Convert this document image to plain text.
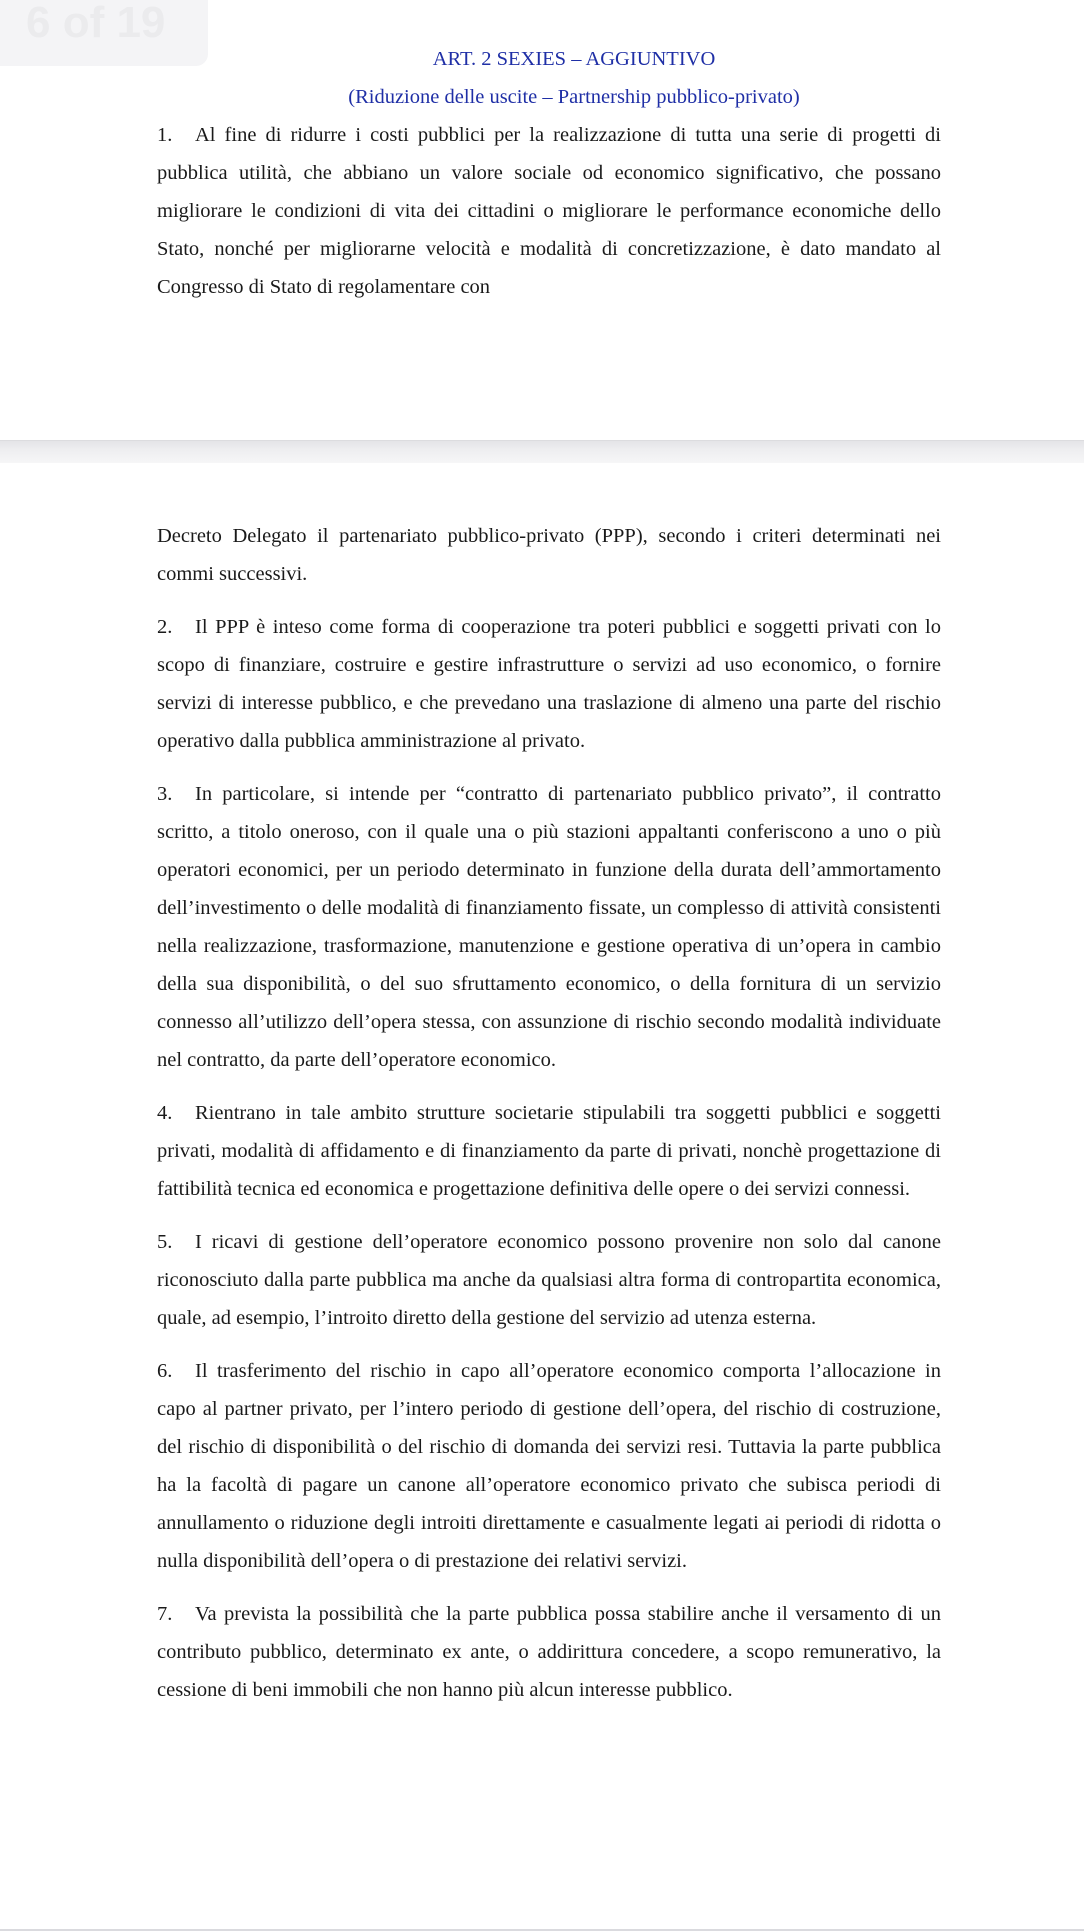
6 of 19

ART. 2 SEXIES – AGGIUNTIVO

(Riduzione delle uscite – Partnership pubblico-privato)

1. Al fine di ridurre i costi pubblici per la realizzazione di tutta una serie di progetti di pubblica utilità, che abbiano un valore sociale od economico significativo, che possano migliorare le condizioni di vita dei cittadini o migliorare le performance economiche dello Stato, nonché per migliorarne velocità e modalità di concretizzazione, è dato mandato al Congresso di Stato di regolamentare con

Decreto Delegato il partenariato pubblico-privato (PPP), secondo i criteri determinati nei commi successivi.

2. Il PPP è inteso come forma di cooperazione tra poteri pubblici e soggetti privati con lo scopo di finanziare, costruire e gestire infrastrutture o servizi ad uso economico, o fornire servizi di interesse pubblico, e che prevedano una traslazione di almeno una parte del rischio operativo dalla pubblica amministrazione al privato.

3. In particolare, si intende per “contratto di partenariato pubblico privato”, il contratto scritto, a titolo oneroso, con il quale una o più stazioni appaltanti conferiscono a uno o più operatori economici, per un periodo determinato in funzione della durata dell’ammortamento dell’investimento o delle modalità di finanziamento fissate, un complesso di attività consistenti nella realizzazione, trasformazione, manutenzione e gestione operativa di un’opera in cambio della sua disponibilità, o del suo sfruttamento economico, o della fornitura di un servizio connesso all’utilizzo dell’opera stessa, con assunzione di rischio secondo modalità individuate nel contratto, da parte dell’operatore economico.

4. Rientrano in tale ambito strutture societarie stipulabili tra soggetti pubblici e soggetti privati, modalità di affidamento e di finanziamento da parte di privati, nonchè progettazione di fattibilità tecnica ed economica e progettazione definitiva delle opere o dei servizi connessi.

5. I ricavi di gestione dell’operatore economico possono provenire non solo dal canone riconosciuto dalla parte pubblica ma anche da qualsiasi altra forma di contropartita economica, quale, ad esempio, l’introito diretto della gestione del servizio ad utenza esterna.

6. Il trasferimento del rischio in capo all’operatore economico comporta l’allocazione in capo al partner privato, per l’intero periodo di gestione dell’opera, del rischio di costruzione, del rischio di disponibilità o del rischio di domanda dei servizi resi. Tuttavia la parte pubblica ha la facoltà di pagare un canone all’operatore economico privato che subisca periodi di annullamento o riduzione degli introiti direttamente e casualmente legati ai periodi di ridotta o nulla disponibilità dell’opera o di prestazione dei relativi servizi.

7. Va prevista la possibilità che la parte pubblica possa stabilire anche il versamento di un contributo pubblico, determinato ex ante, o addirittura concedere, a scopo remunerativo, la cessione di beni immobili che non hanno più alcun interesse pubblico.
